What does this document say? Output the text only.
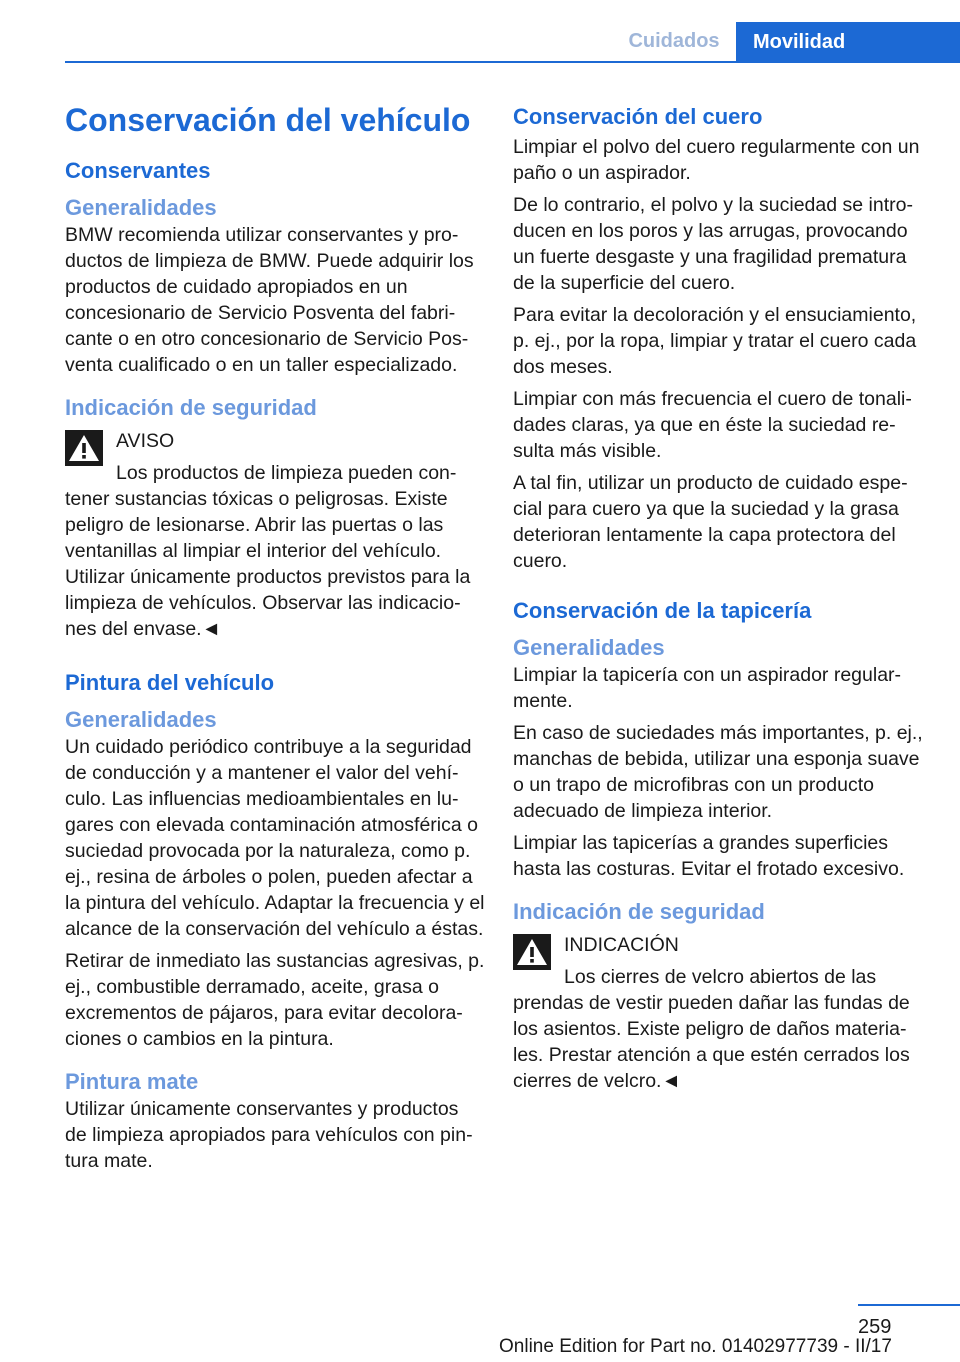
Cuidados	Movilidad
Conservación del vehículo
Conservantes
Generalidades

BMW recomienda utilizar conservantes y pro- ductos de limpieza de BMW. Puede adquirir los productos de cuidado apropiados en un concesionario de Servicio Posventa del fabri- cante o en otro concesionario de Servicio Pos- venta cualificado o en un taller especializado.

Indicación de seguridad
AVISO

Los productos de limpieza pueden con- tener sustancias tóxicas o peligrosas. Existe peligro de lesionarse. Abrir las puertas o las ventanillas al limpiar el interior del vehículo. Utilizar únicamente productos previstos para la limpieza de vehículos. Observar las indicacio- nes del envase.◄

Pintura del vehículo
Generalidades

Un cuidado periódico contribuye a la seguridad de conducción y a mantener el valor del vehí- culo. Las influencias medioambientales en lu- gares con elevada contaminación atmosférica o suciedad provocada por la naturaleza, como p. ej., resina de árboles o polen, pueden afectar a la pintura del vehículo. Adaptar la frecuencia y el alcance de la conservación del vehículo a éstas.

Retirar de inmediato las sustancias agresivas, p. ej., combustible derramado, aceite, grasa o excrementos de pájaros, para evitar decolora- ciones o cambios en la pintura.

Pintura mate

Utilizar únicamente conservantes y productos de limpieza apropiados para vehículos con pin- tura mate.

Conservación del cuero

Limpiar el polvo del cuero regularmente con un paño o un aspirador.

De lo contrario, el polvo y la suciedad se intro- ducen en los poros y las arrugas, provocando un fuerte desgaste y una fragilidad prematura de la superficie del cuero.

Para evitar la decoloración y el ensuciamiento, p. ej., por la ropa, limpiar y tratar el cuero cada dos meses.

Limpiar con más frecuencia el cuero de tonali- dades claras, ya que en éste la suciedad re- sulta más visible.

A tal fin, utilizar un producto de cuidado espe- cial para cuero ya que la suciedad y la grasa deterioran lentamente la capa protectora del cuero.

Conservación de la tapicería
Generalidades

Limpiar la tapicería con un aspirador regular- mente.

En caso de suciedades más importantes, p. ej., manchas de bebida, utilizar una esponja suave o un trapo de microfibras con un producto adecuado de limpieza interior.

Limpiar las tapicerías a grandes superficies hasta las costuras. Evitar el frotado excesivo.

Indicación de seguridad
INDICACIÓN

Los cierres de velcro abiertos de las prendas de vestir pueden dañar las fundas de los asientos. Existe peligro de daños materia- les. Prestar atención a que estén cerrados los cierres de velcro.◄

259
Online Edition for Part no. 01402977739 - II/17
